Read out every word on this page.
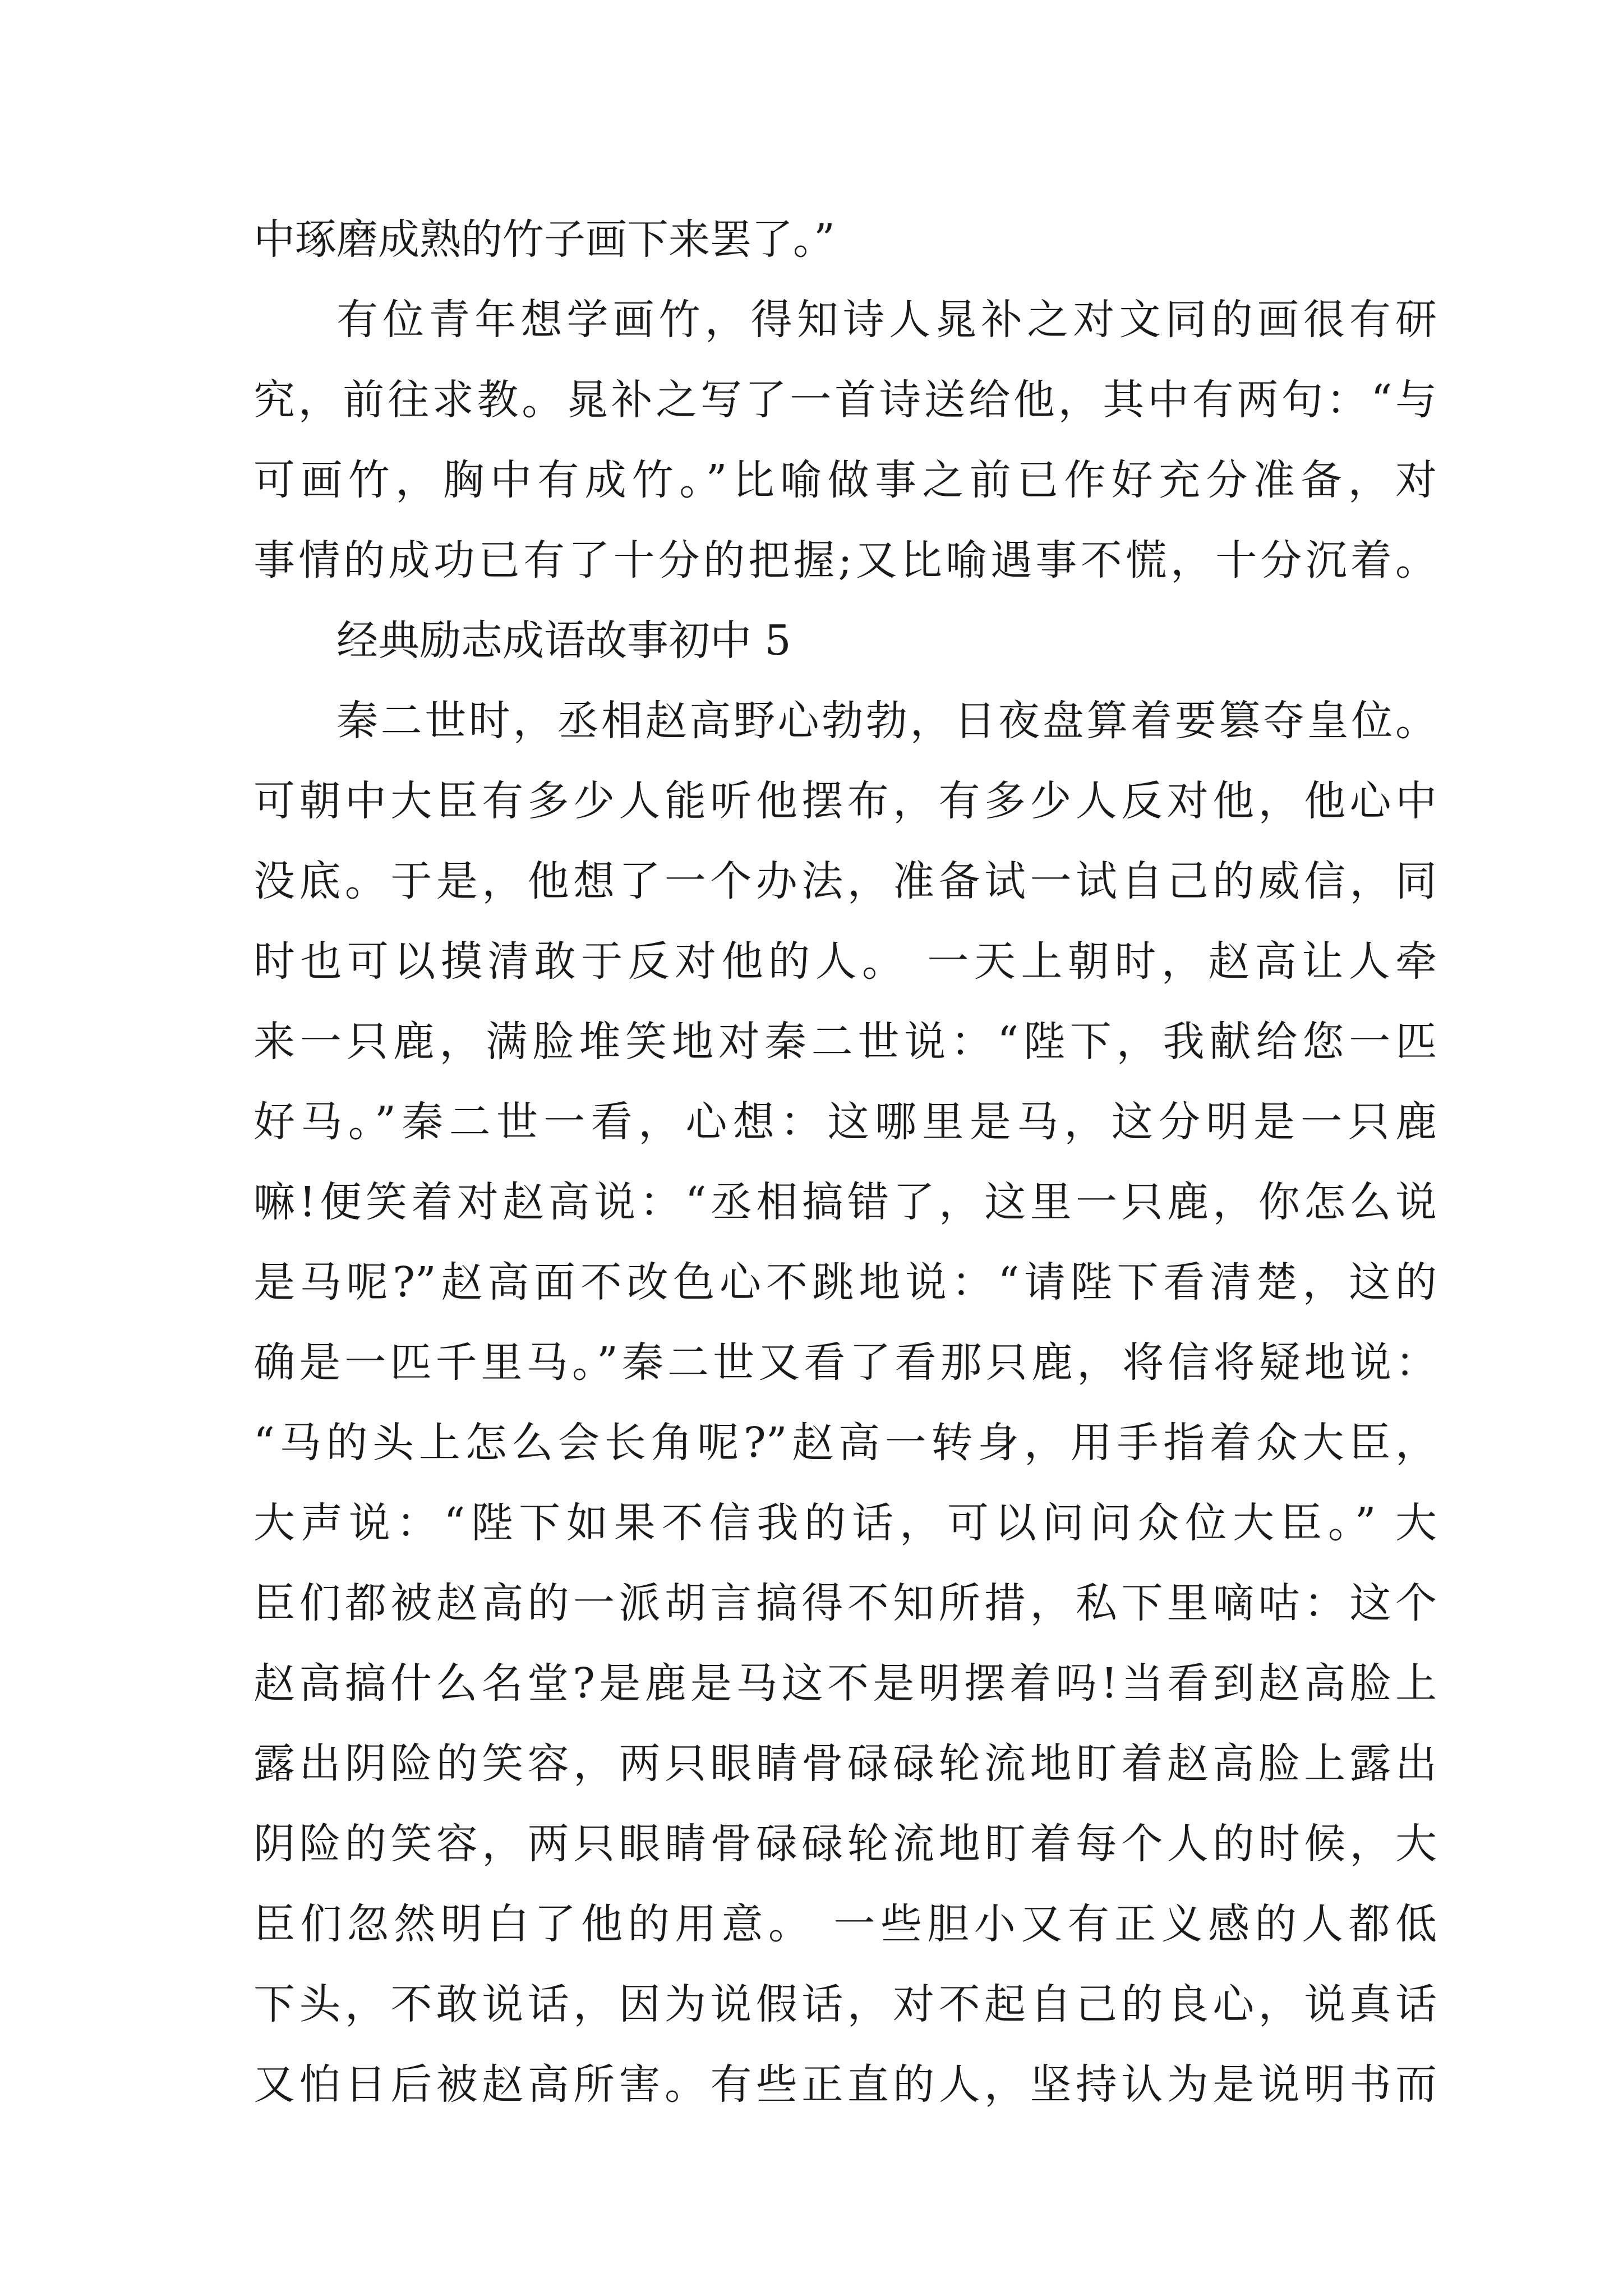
中琢磨成熟的竹子画下来罢了。”
有位青年想学画竹，得知诗人晁补之对文同的画很有研
究，前往求教。晁补之写了一首诗送给他，其中有两句：“与
可画竹，胸中有成竹。”比喻做事之前已作好充分准备，对
事情的成功已有了十分的把握;又比喻遇事不慌，十分沉着。
经典励志成语故事初中 5
秦二世时，丞相赵高野心勃勃，日夜盘算着要篡夺皇位。
可朝中大臣有多少人能听他摆布，有多少人反对他，他心中
没底。于是，他想了一个办法，准备试一试自己的威信，同
时也可以摸清敢于反对他的人。 一天上朝时，赵高让人牵
来一只鹿，满脸堆笑地对秦二世说：“陛下，我献给您一匹
好马。”秦二世一看，心想：这哪里是马，这分明是一只鹿
嘛!便笑着对赵高说：“丞相搞错了，这里一只鹿，你怎么说
是马呢?”赵高面不改色心不跳地说：“请陛下看清楚，这的
确是一匹千里马。”秦二世又看了看那只鹿，将信将疑地说：
“马的头上怎么会长角呢?”赵高一转身，用手指着众大臣，
大声说：“陛下如果不信我的话，可以问问众位大臣。” 大
臣们都被赵高的一派胡言搞得不知所措，私下里嘀咕：这个
赵高搞什么名堂?是鹿是马这不是明摆着吗!当看到赵高脸上
露出阴险的笑容，两只眼睛骨碌碌轮流地盯着赵高脸上露出
阴险的笑容，两只眼睛骨碌碌轮流地盯着每个人的时候，大
臣们忽然明白了他的用意。 一些胆小又有正义感的人都低
下头，不敢说话，因为说假话，对不起自己的良心，说真话
又怕日后被赵高所害。有些正直的人，坚持认为是说明书而
